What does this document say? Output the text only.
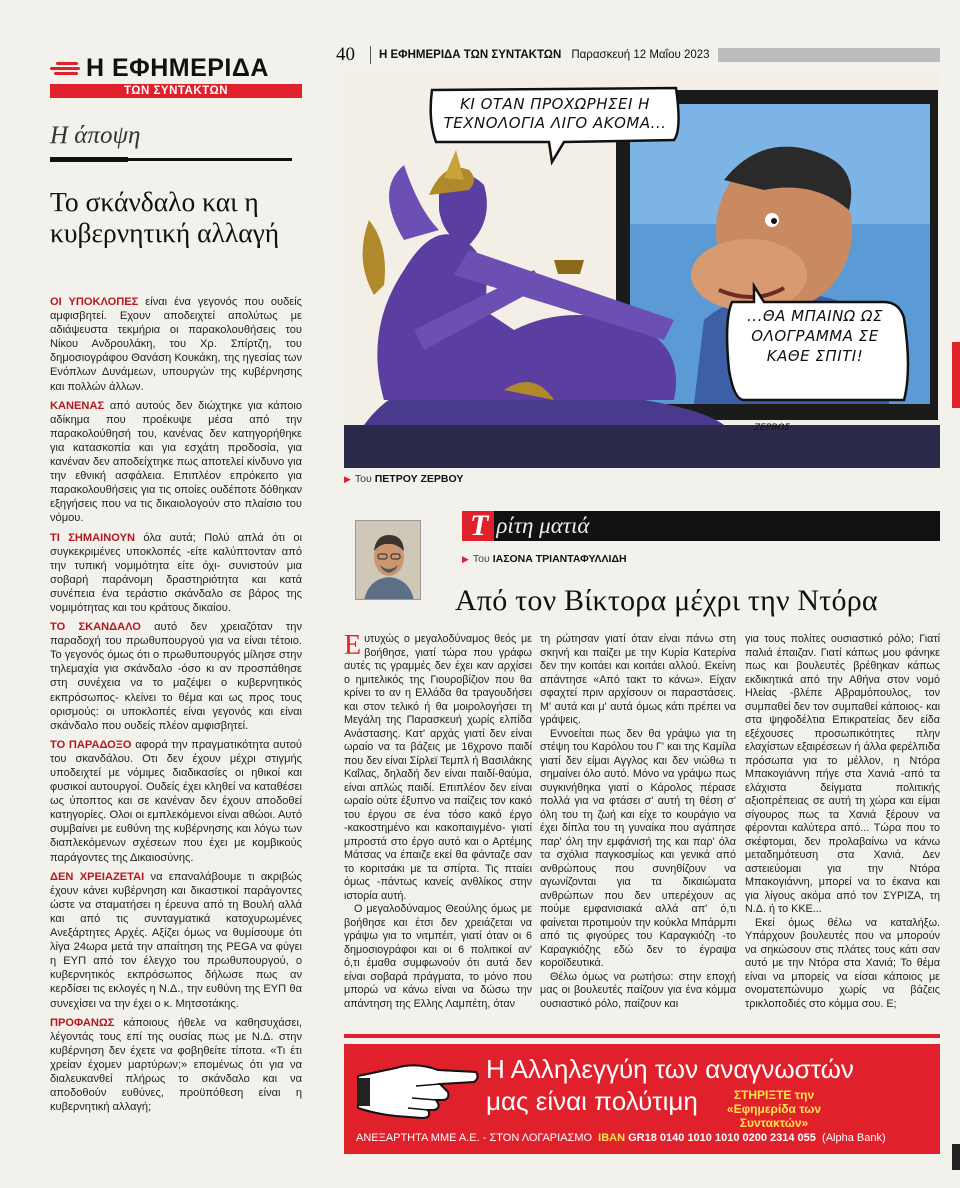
Η ΕΦΗΜΕΡΙΔΑ
ΤΩΝ ΣΥΝΤΑΚΤΩΝ
Η άποψη
Το σκάνδαλο και η κυβερνητική αλλαγή

ΟΙ ΥΠΟΚΛΟΠΕΣ είναι ένα γεγονός που ουδείς αμφισβητεί. Εχουν αποδειχτεί απολύτως με αδιάψευστα τεκμήρια οι παρακολουθήσεις του Νίκου Ανδρουλάκη, του Χρ. Σπίρτζη, του δημοσιογράφου Θανάση Κουκάκη, της ηγεσίας των Ενόπλων Δυνάμεων, υπουργών της κυβέρνησης και πολλών άλλων.

ΚΑΝΕΝΑΣ από αυτούς δεν διώχτηκε για κάποιο αδίκημα που προέκυψε μέσα από την παρακολούθησή του, κανένας δεν κατηγορήθηκε για κατασκοπία και για εσχάτη προδοσία, για κανέναν δεν αποδείχτηκε πως αποτελεί κίνδυνο για την εθνική ασφάλεια. Επιπλέον επρόκειτο για παρακολουθήσεις για τις οποίες ουδέποτε δόθηκαν εξηγήσεις που να τις δικαιολογούν στο πλαίσιο του νόμου.

ΤΙ ΣΗΜΑΙΝΟΥΝ όλα αυτά; Πολύ απλά ότι οι συγκεκριμένες υποκλοπές -είτε καλύπτονταν από την τυπική νομιμότητα είτε όχι- συνιστούν μια σοβαρή παράνομη δραστηριότητα και κατά συνέπεια ένα τεράστιο σκάνδαλο σε βάρος της νομιμότητας και του κράτους δικαίου.

ΤΟ ΣΚΑΝΔΑΛΟ αυτό δεν χρειαζόταν την παραδοχή του πρωθυπουργού για να είναι τέτοιο. Το γεγονός όμως ότι ο πρωθυπουργός μίλησε στην τηλεμαχία για σκάνδαλο -όσο κι αν προσπάθησε στη συνέχεια να το μαζέψει ο κυβερνητικός εκπρόσωπος- κλείνει το θέμα και ως προς τους ορισμούς: οι υποκλοπές είναι γεγονός και είναι σκάνδαλο που ουδείς πλέον αμφισβητεί.

ΤΟ ΠΑΡΑΔΟΞΟ αφορά την πραγματικότητα αυτού του σκανδάλου. Οτι δεν έχουν μέχρι στιγμής υποδειχτεί με νόμιμες διαδικασίες οι ηθικοί και φυσικοί αυτουργοί. Ουδείς έχει κληθεί να καταθέσει ως ύποπτος και σε κανέναν δεν έχουν αποδοθεί κατηγορίες. Ολοι οι εμπλεκόμενοι είναι αθώοι. Αυτό συμβαίνει με ευθύνη της κυβέρνησης και λόγω των διαπλεκόμενων σχέσεων που έχει με κομβικούς παράγοντες της Δικαιοσύνης.

ΔΕΝ ΧΡΕΙΑΖΕΤΑΙ να επαναλάβουμε τι ακριβώς έχουν κάνει κυβέρνηση και δικαστικοί παράγοντες ώστε να σταματήσει η έρευνα από τη Βουλή αλλά και από τις συνταγματικά κατοχυρωμένες Ανεξάρτητες Αρχές. Αξίζει όμως να θυμίσουμε ότι λίγα 24ωρα μετά την απαίτηση της PEGA να φύγει η ΕΥΠ από τον έλεγχο του πρωθυπουργού, ο κυβερνητικός εκπρόσωπος δήλωσε πως αν κερδίσει τις εκλογές η Ν.Δ., την ευθύνη της ΕΥΠ θα συνεχίσει να την έχει ο κ. Μητσοτάκης.

ΠΡΟΦΑΝΩΣ κάποιους ήθελε να καθησυχάσει, λέγοντάς τους επί της ουσίας πως με Ν.Δ. στην κυβέρνηση δεν έχετε να φοβηθείτε τίποτα. «Τι έτι χρείαν έχομεν μαρτύρων;» επομένως ότι για να διαλευκανθεί πλήρως το σκάνδαλο και να αποδοθούν ευθύνες, προϋπόθεση είναι η κυβερνητική αλλαγή;

40	Η ΕΦΗΜΕΡΙΔΑ ΤΩΝ ΣΥΝΤΑΚΤΩΝ Παρασκευή 12 Μαΐου 2023
ΖΕΡΒΟΣ
ΚΙ ΟΤΑΝ ΠΡΟΧΩΡΗΣΕΙ Η ΤΕΧΝΟΛΟΓΙΑ ΛΙΓΟ ΑΚΟΜΑ...
...ΘΑ ΜΠΑΙΝΩ ΩΣ ΟΛΟΓΡΑΜΜΑ ΣΕ ΚΑΘΕ ΣΠΙΤΙ!
▶ Του ΠΕΤΡΟΥ ΖΕΡΒΟΥ
Τ ρίτη ματιά
▶ Του ΙΑΣΟΝΑ ΤΡΙΑΝΤΑΦΥΛΛΙΔΗ
Από τον Βίκτορα μέχρι την Ντόρα

Ευτυχώς ο μεγαλοδύναμος θεός με βοήθησε, γιατί τώρα που γράφω αυτές τις γραμμές δεν έχει καν αρχίσει ο ημιτελικός της Γιουροβίζιον που θα κρίνει το αν η Ελλάδα θα τραγουδήσει και στον τελικό ή θα μοιρολογήσει τη Μεγάλη της Παρασκευή χωρίς ελπίδα Ανάστασης. Κατ' αρχάς γιατί δεν είναι ωραίο να τα βάζεις με 16χρονο παιδί που δεν είναι Σίρλεϊ Τεμπλ ή Βασιλάκης Καΐλας, δηλαδή δεν είναι παιδί-θαύμα, είναι απλώς παιδί. Επιπλέον δεν είναι ωραίο ούτε έξυπνο να παίζεις τον κακό του έργου σε ένα τόσο κακό έργο -κακοστημένο και κακοπαιγμένο- γιατί μπροστά στο έργο αυτό και ο Αρτέμης Μάτσας να έπαιζε εκεί θα φάνταζε σαν το κοριτσάκι με τα σπίρτα. Τις πταίει όμως -πάντως κανείς ανθλίκος στην ιστορία αυτή.

Ο μεγαλοδύναμος Θεούλης όμως με βοήθησε και έτσι δεν χρειάζεται να γράψω για το νιτμπέιτ, γιατί όταν οι 6 δημοσιογράφοι και οι 6 πολιτικοί αν' ό,τι έμαθα συμφωνούν ότι αυτά δεν είναι σοβαρά πράγματα, το μόνο που μπορώ να κάνω είναι να δώσω την απάντηση της Ελλης Λαμπέτη, όταν

τη ρώτησαν γιατί όταν είναι πάνω στη σκηνή και παίζει με την Κυρία Κατερίνα δεν την κοιτάει και κοιτάει αλλού. Εκείνη απάντησε «Από τακτ το κάνω». Είχαν σφαχτεί πριν αρχίσουν οι παραστάσεις. Μ' αυτά και μ' αυτά όμως κάτι πρέπει να γράψεις.

Εννοείται πως δεν θα γράψω για τη στέψη του Καρόλου του Γ' και της Καμίλα γιατί δεν είμαι Αγγλος και δεν νιώθω τι σημαίνει όλο αυτό. Μόνο να γράψω πως συγκινήθηκα γιατί ο Κάρολος πέρασε πολλά για να φτάσει σ' αυτή τη θέση σ' όλη του τη ζωή και είχε το κουράγιο να έχει δίπλα του τη γυναίκα που αγάπησε παρ' όλη την εμφάνισή της και παρ' όλα τα σχόλια παγκοσμίως και γενικά από ανθρώπους που συνηθίζουν να αγωνίζονται για τα δικαιώματα ανθρώπων που δεν υπερέχουν ας πούμε εμφανισιακά αλλά απ' ό,τι φαίνεται προτιμούν την κούκλα Μπάρμπι από τις φιγούρες του Καραγκιόζη -το Καραγκιόζης εδώ δεν το έγραψα κοροϊδευτικά.

Θέλω όμως να ρωτήσω: στην εποχή μας οι βουλευτές παίζουν για ένα κόμμα ουσιαστικό ρόλο, παίζουν και

για τους πολίτες ουσιαστικό ρόλο; Γιατί παλιά έπαιζαν. Γιατί κάπως μου φάνηκε πως και βουλευτές βρέθηκαν κάπως εκδικητικά από την Αθήνα στον νομό Ηλείας -βλέπε Αβραμόπουλος, τον συμπαθεί δεν τον συμπαθεί κάποιος- και στα ψηφοδέλτια Επικρατείας δεν είδα εξέχουσες προσωπικότητες πλην ελαχίστων εξαιρέσεων ή άλλα φερέλπιδα πρόσωπα για το μέλλον, η Ντόρα Μπακογιάννη πήγε στα Χανιά -από τα ελάχιστα δείγματα πολιτικής αξιοπρέπειας σε αυτή τη χώρα και είμαι σίγουρος πως τα Χανιά ξέρουν να φέρονται καλύτερα από... Τώρα που το σκέφτομαι, δεν προλαβαίνω να κάνω μεταδημότευση στα Χανιά. Δεν αστειεύομαι για την Ντόρα Μπακογιάννη, μπορεί να το έκανα και για λίγους ακόμα από τον ΣΥΡΙΖΑ, τη Ν.Δ. ή το ΚΚΕ...

Εκεί όμως θέλω να καταλήξω. Υπάρχουν βουλευτές που να μπορούν να σηκώσουν στις πλάτες τους κάτι σαν αυτό με την Ντόρα στα Χανιά; Το θέμα είναι να μπορείς να είσαι κάποιος με ονοματεπώνυμο χωρίς να βάζεις τρικλοποδιές στο κόμμα σου. Ε;

Η Αλληλεγγύη των αναγνωστών
μας είναι πολύτιμη	ΣΤΗΡΙΞΤΕ την
«Εφημερίδα των Συντακτών»
ΑΝΕΞΑΡΤΗΤΑ ΜΜΕ Α.Ε. - ΣΤΟΝ ΛΟΓΑΡΙΑΣΜΟ IBAN GR18 0140 1010 1010 0200 2314 055 (Alpha Bank)
